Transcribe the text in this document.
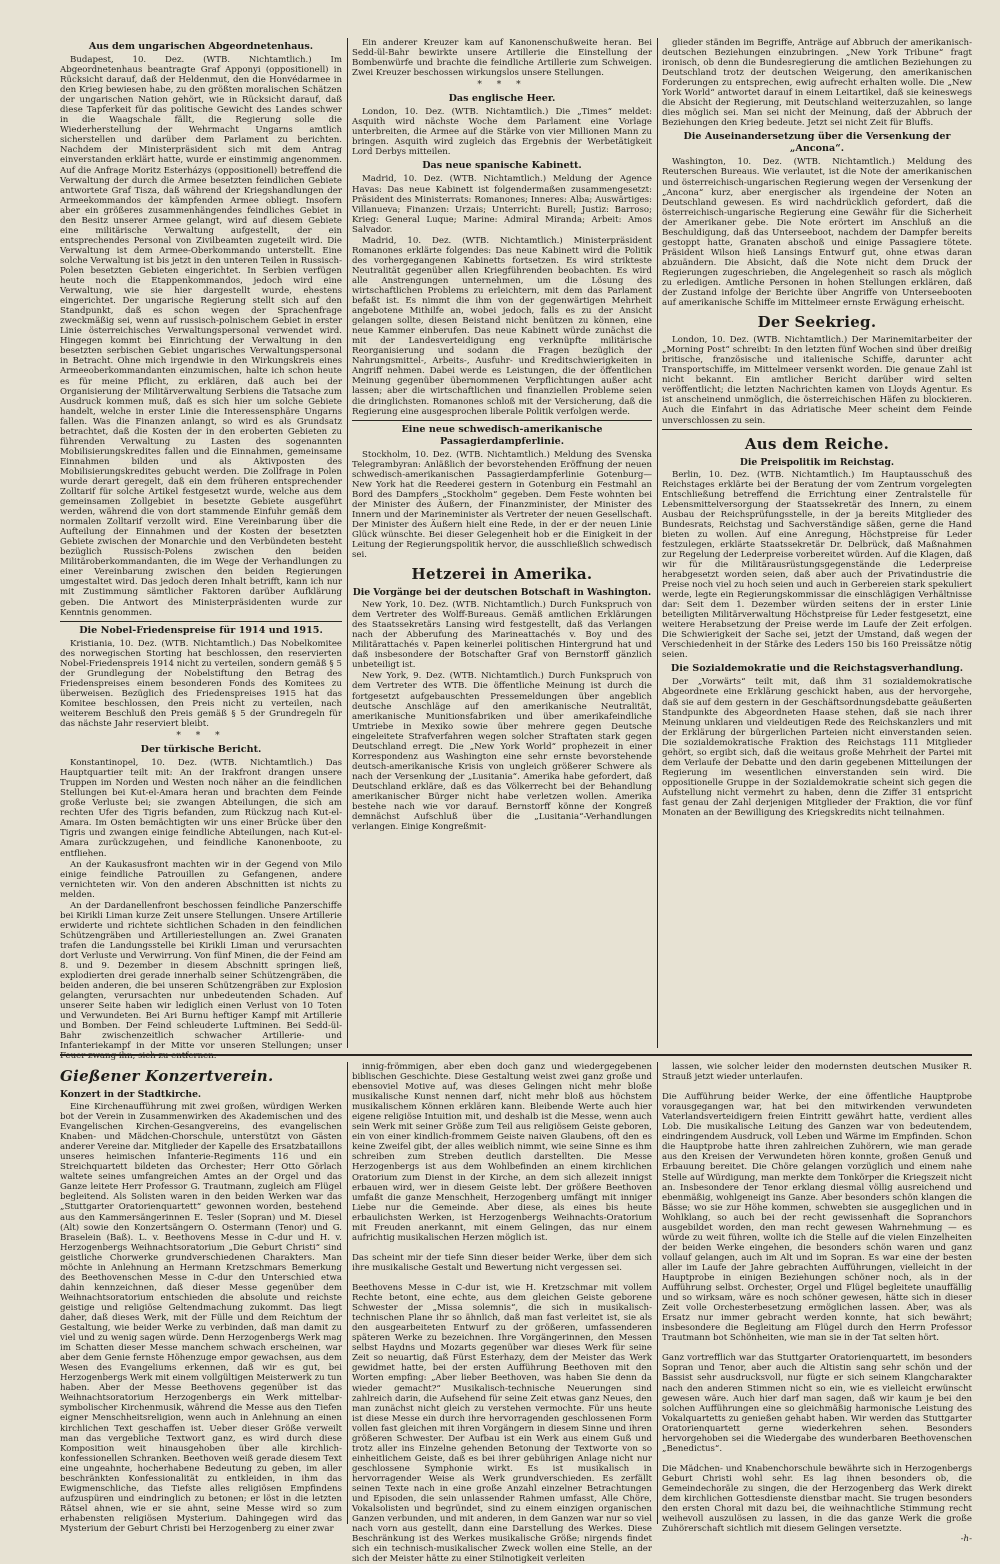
Aus dem ungarischen Abgeordnetenhaus.

Budapest, 10. Dez. (WTB. Nichtamtlich.) Im Abgeordnetenhaus beantragte Graf Apponyi (oppositionell) in Rücksicht darauf, daß der Heldenmut, den die Honvédarmee in den Krieg bewiesen habe, zu den größten moralischen Schätzen der ungarischen Nation gehört, wie in Rücksicht darauf, daß diese Tapferkeit für das politische Gewicht des Landes schwer in die Waagschale fällt, die Regierung solle die Wiederherstellung der Wehrmacht Ungarns amtlich sicherstellen und darüber dem Parlament zu berichten. Nachdem der Ministerpräsident sich mit dem Antrag einverstanden erklärt hatte, wurde er einstimmig angenommen. Auf die Anfrage Moritz Esterházys (oppositionell) betreffend die Verwaltung der durch die Armee besetzten feindlichen Gebiete antwortete Graf Tisza, daß während der Kriegshandlungen der Armeekommandos der kämpfenden Armee obliegt. Insofern aber ein größeres zusammenhängendes feindliches Gebiet in den Besitz unserer Armee gelangt, wird auf diesem Gebiete eine militärische Verwaltung aufgestellt, der ein entsprechendes Personal von Zivilbeamten zugeteilt wird. Die Verwaltung ist dem Armee-Oberkommando unterstellt. Eine solche Verwaltung ist bis jetzt in den unteren Teilen in Russisch-Polen besetzten Gebieten eingerichtet. In Serbien verfügen heute noch die Etappenkommandos, jedoch wird eine Verwaltung, wie sie hier dargestellt wurde, ehestens eingerichtet. Der ungarische Regierung stellt sich auf den Standpunkt, daß es schon wegen der Sprachenfrage zweckmäßig sei, wenn auf russisch-polnischem Gebiet in erster Linie österreichisches Verwaltungspersonal verwendet wird. Hingegen kommt bei Einrichtung der Verwaltung in den besetzten serbischen Gebiet ungarisches Verwaltungspersonal in Betracht. Ohne mich irgendwie in den Wirkungskreis eines Armeeoberkommandanten einzumischen, halte ich schon heute es für meine Pflicht, zu erklären, daß auch bei der Organisierung der Militärverwaltung Serbiens die Tatsache zum Ausdruck kommen muß, daß es sich hier um solche Gebiete handelt, welche in erster Linie die Interessensphäre Ungarns fallen. Was die Finanzen anlangt, so wird es als Grundsatz betrachtet, daß die Kosten der in den eroberten Gebieten zu führenden Verwaltung zu Lasten des sogenannten Mobilisierungskredites fallen und die Einnahmen, gemeinsame Einnahmen bilden und als Aktivposten des Mobilisierungskredites gebucht werden. Die Zollfrage in Polen wurde derart geregelt, daß ein dem früheren entsprechender Zolltarif für solche Artikel festgesetzt wurde, welche aus dem gemeinsamen Zollgebiet in besetzte Gebiete ausgeführt werden, während die von dort stammende Einfuhr gemäß dem normalen Zolltarif verzollt wird. Eine Vereinbarung über die Aufteilung der Einnahmen und der Kosten der besetzten Gebiete zwischen der Monarchie und den Verbündeten besteht bezüglich Russisch-Polens zwischen den beiden Militäroberkommandanten, die im Wege der Verhandlungen zu einer Vereinbarung zwischen den beiden Regierungen umgestaltet wird. Das jedoch deren Inhalt betrifft, kann ich nur mit Zustimmung sämtlicher Faktoren darüber Aufklärung geben. Die Antwort des Ministerpräsidenten wurde zur Kenntnis genommen.

Die Nobel-Friedenspreise für 1914 und 1915.

Kristiania, 10. Dez. (WTB. Nichtamtlich.) Das Nobelkomitee des norwegischen Storting hat beschlossen, den reservierten Nobel-Friedenspreis 1914 nicht zu verteilen, sondern gemäß § 5 der Grundlegung der Nobelstiftung den Betrag des Friedenspreises einem besonderen Fonds des Komitees zu überweisen. Bezüglich des Friedenspreises 1915 hat das Komitee beschlossen, den Preis nicht zu verteilen, nach weiterem Beschluß den Preis gemäß § 5 der Grundregeln für das nächste Jahr reserviert bleibt.

* * *
Der türkische Bericht.

Konstantinopel, 10. Dez. (WTB. Nichtamtlich.) Das Hauptquartier teilt mit: An der Irakfront drangen unsere Truppen im Norden und Westen noch näher an die feindlichen Stellungen bei Kut-el-Amara heran und brachten dem Feinde große Verluste bei; sie zwangen Abteilungen, die sich am rechten Ufer des Tigris befanden, zum Rückzug nach Kut-el-Amara. Im Osten bemächtigten wir uns einer Brücke über den Tigris und zwangen einige feindliche Abteilungen, nach Kut-el-Amara zurückzugehen, und feindliche Kanonenboote, zu entfliehen.

An der Kaukasusfront machten wir in der Gegend von Milo einige feindliche Patrouillen zu Gefangenen, andere vernichteten wir. Von den anderen Abschnitten ist nichts zu melden.

An der Dardanellenfront beschossen feindliche Panzerschiffe bei Kirikli Liman kurze Zeit unsere Stellungen. Unsere Artillerie erwiderte und richtete sichtlichen Schaden in den feindlichen Schützengräben und Artilleriestellungen an. Zwei Granaten trafen die Landungsstelle bei Kirikli Liman und verursachten dort Verluste und Verwirrung. Von fünf Minen, die der Feind am 8. und 9. Dezember in diesem Abschnitt springen ließ, explodierten drei gerade innerhalb seiner Schützengräben, die beiden anderen, die bei unseren Schützengräben zur Explosion gelangten, verursachten nur unbedeutenden Schaden. Auf unserer Seite haben wir lediglich einen Verlust von 10 Toten und Verwundeten. Bei Ari Burnu heftiger Kampf mit Artillerie und Bomben. Der Feind schleuderte Luftminen. Bei Sedd-ül-Bahr zwischenzeitlich schwacher Artillerie- und Infanteriekampf in der Mitte vor unseren Stellungen; unser Feuer zwang ihn, sich zu entfernen.

Ein anderer Kreuzer kam auf Kanonenschußweite heran. Bei Sedd-ül-Bahr bewirkte unsere Artillerie die Einstellung der Bombenwürfe und brachte die feindliche Artillerie zum Schweigen. Zwei Kreuzer beschossen wirkungslos unsere Stellungen.

* * *
Das englische Heer.

London, 10. Dez. (WTB. Nichtamtlich.) Die „Times“ meldet: Asquith wird nächste Woche dem Parlament eine Vorlage unterbreiten, die Armee auf die Stärke von vier Millionen Mann zu bringen. Asquith wird zugleich das Ergebnis der Werbetätigkeit Lord Derbys mitteilen.

Das neue spanische Kabinett.

Madrid, 10. Dez. (WTB. Nichtamtlich.) Meldung der Agence Havas: Das neue Kabinett ist folgendermaßen zusammengesetzt: Präsident des Ministerrats: Romanones; Inneres: Alba; Auswärtiges: Villanueva; Finanzen: Urzais; Unterricht: Burell; Justiz: Barroso; Krieg: General Luque; Marine: Admiral Miranda; Arbeit: Amos Salvador.

Madrid, 10. Dez. (WTB. Nichtamtlich.) Ministerpräsident Romanones erklärte folgendes: Das neue Kabinett wird die Politik des vorhergegangenen Kabinetts fortsetzen. Es wird strikteste Neutralität gegenüber allen Kriegführenden beobachten. Es wird alle Anstrengungen unternehmen, um die Lösung des wirtschaftlichen Problems zu erleichtern, mit dem das Parlament befaßt ist. Es nimmt die ihm von der gegenwärtigen Mehrheit angebotene Mithilfe an, wobei jedoch, falls es zu der Ansicht gelangen sollte, diesen Beistand nicht benützen zu können, eine neue Kammer einberufen. Das neue Kabinett würde zunächst die mit der Landesverteidigung eng verknüpfte militärische Reorganisierung und sodann die Fragen bezüglich der Nahrungsmittel-, Arbeits-, Ausfuhr- und Kreditschwierigkeiten in Angriff nehmen. Dabei werde es Leistungen, die der öffentlichen Meinung gegenüber übernommenen Verpflichtungen außer acht lassen; aber die wirtschaftlichen und finanziellen Probleme seien die dringlichsten. Romanones schloß mit der Versicherung, daß die Regierung eine ausgesprochen liberale Politik verfolgen werde.

Eine neue schwedisch-amerikanische Passagierdampferlinie.

Stockholm, 10. Dez. (WTB. Nichtamtlich.) Meldung des Svenska Telegrambyran: Anläßlich der bevorstehenden Eröffnung der neuen schwedisch-amerikanischen Passagierdampferlinie Gotenburg—New York hat die Reederei gestern in Gotenburg ein Festmahl an Bord des Dampfers „Stockholm“ gegeben. Dem Feste wohnten bei der Minister des Äußern, der Finanzminister, der Minister des Innern und der Marineminister als Vertreter der neuen Gesellschaft. Der Minister des Äußern hielt eine Rede, in der er der neuen Linie Glück wünschte. Bei dieser Gelegenheit hob er die Einigkeit in der Leitung der Regierungspolitik hervor, die ausschließlich schwedisch sei.

Hetzerei in Amerika.
Die Vorgänge bei der deutschen Botschaft in Washington.

New York, 10. Dez. (WTB. Nichtamtlich.) Durch Funkspruch von dem Vertreter des Wolff-Bureaus. Gemäß amtlichen Erklärungen des Staatssekretärs Lansing wird festgestellt, daß das Verlangen nach der Abberufung des Marineattachés v. Boy und des Militärattachés v. Papen keinerlei politischen Hintergrund hat und daß insbesondere der Botschafter Graf von Bernstorff gänzlich unbeteiligt ist.

New York, 9. Dez. (WTB. Nichtamtlich.) Durch Funkspruch von dem Vertreter des WTB. Die öffentliche Meinung ist durch die fortgesetzt aufgebauschten Pressemeldungen über angeblich deutsche Anschläge auf den amerikanische Neutralität, amerikanische Munitionsfabriken und über amerikafeindliche Umtriebe in Mexiko sowie über mehrere gegen Deutsche eingeleitete Strafverfahren wegen solcher Straftaten stark gegen Deutschland erregt. Die „New York World“ prophezeit in einer Korrespondenz aus Washington eine sehr ernste bevorstehende deutsch-amerikanische Krisis von ungleich größerer Schwere als nach der Versenkung der „Lusitania“. Amerika habe gefordert, daß Deutschland erkläre, daß es das Völkerrecht bei der Behandlung amerikanischer Bürger nicht habe verletzen wollen. Amerika bestehe nach wie vor darauf. Bernstorff könne der Kongreß demnächst Aufschluß über die „Lusitania“-Verhandlungen verlangen. Einige Kongreßmit-

glieder ständen im Begriffe, Anträge auf Abbruch der amerikanisch-deutschen Beziehungen einzubringen. „New York Tribune“ fragt ironisch, ob denn die Bundesregierung die amtlichen Beziehungen zu Deutschland trotz der deutschen Weigerung, den amerikanischen Forderungen zu entsprechen, ewig aufrecht erhalten wolle. Die „New York World“ antwortet darauf in einem Leitartikel, daß sie keineswegs die Absicht der Regierung, mit Deutschland weiterzuzahlen, so lange dies möglich sei. Man sei nicht der Meinung, daß der Abbruch der Beziehungen den Krieg bedeute. Jetzt sei nicht Zeit für Bluffs.

Die Auseinandersetzung über die Versenkung der „Ancona“.

Washington, 10. Dez. (WTB. Nichtamtlich.) Meldung des Reuterschen Bureaus. Wie verlautet, ist die Note der amerikanischen und österreichisch-ungarischen Regierung wegen der Versenkung der „Ancona“ kurz, aber energischer als irgendeine der Noten an Deutschland gewesen. Es wird nachdrücklich gefordert, daß die österreichisch-ungarische Regierung eine Gewähr für die Sicherheit der Amerikaner gebe. Die Note erörtert im Anschluß an die Beschuldigung, daß das Unterseeboot, nachdem der Dampfer bereits gestoppt hatte, Granaten abschoß und einige Passagiere tötete. Präsident Wilson hieß Lansings Entwurf gut, ohne etwas daran abzuändern. Die Absicht, daß die Note nicht dem Druck der Regierungen zugeschrieben, die Angelegenheit so rasch als möglich zu erledigen. Amtliche Personen in hohen Stellungen erklären, daß der Zustand infolge der Berichte über Angriffe von Unterseebooten auf amerikanische Schiffe im Mittelmeer ernste Erwägung erheischt.

Der Seekrieg.

London, 10. Dez. (WTB. Nichtamtlich.) Der Marinemitarbeiter der „Morning Post“ schreibt: In den letzten fünf Wochen sind über dreißig britische, französische und italienische Schiffe, darunter acht Transportschiffe, im Mittelmeer versenkt worden. Die genaue Zahl ist nicht bekannt. Ein amtlicher Bericht darüber wird selten veröffentlicht; die letzten Nachrichten kamen von Lloyds Agentur. Es ist anscheinend unmöglich, die österreichischen Häfen zu blockieren. Auch die Einfahrt in das Adriatische Meer scheint dem Feinde unverschlossen zu sein.

Aus dem Reiche.
Die Preispolitik im Reichstag.

Berlin, 10. Dez. (WTB. Nichtamtlich.) Im Hauptausschuß des Reichstages erklärte bei der Beratung der vom Zentrum vorgelegten Entschließung betreffend die Errichtung einer Zentralstelle für Lebensmittelversorgung der Staatssekretär des Innern, zu einem Ausbau der Reichsprüfungsstelle, in der ja bereits Mitglieder des Bundesrats, Reichstag und Sachverständige säßen, gerne die Hand bieten zu wollen. Auf eine Anregung, Höchstpreise für Leder festzulegen, erklärte Staatssekretär Dr. Delbrück, daß Maßnahmen zur Regelung der Lederpreise vorbereitet würden. Auf die Klagen, daß wir für die Militärausrüstungsgegenstände die Lederpreise herabgesetzt worden seien, daß aber auch der Privatindustrie die Preise noch viel zu hoch seien und auch in Gerbereien stark spekuliert werde, legte ein Regierungskommissar die einschlägigen Verhältnisse dar: Seit dem 1. Dezember würden seitens der in erster Linie beteiligten Militärverwaltung Höchstpreise für Leder festgesetzt, eine weitere Herabsetzung der Preise werde im Laufe der Zeit erfolgen. Die Schwierigkeit der Sache sei, jetzt der Umstand, daß wegen der Verschiedenheit in der Stärke des Leders 150 bis 160 Preissätze nötig seien.

Die Sozialdemokratie und die Reichstagsverhandlung.

Der „Vorwärts“ teilt mit, daß ihm 31 sozialdemokratische Abgeordnete eine Erklärung geschickt haben, aus der hervorgehe, daß sie auf dem gestern in der Geschäftsordnungsdebatte geäußerten Standpunkte des Abgeordneten Haase stehen, daß sie nach ihrer Meinung unklaren und vieldeutigen Rede des Reichskanzlers und mit der Erklärung der bürgerlichen Parteien nicht einverstanden seien. Die sozialdemokratische Fraktion des Reichstags 111 Mitglieder gehört, so ergibt sich, daß die weitaus große Mehrheit der Partei mit dem Verlaufe der Debatte und den darin gegebenen Mitteilungen der Regierung im wesentlichen einverstanden sein wird. Die oppositionelle Gruppe in der Sozialdemokratie scheint sich gegen die Aufstellung nicht vermehrt zu haben, denn die Ziffer 31 entspricht fast genau der Zahl derjenigen Mitglieder der Fraktion, die vor fünf Monaten an der Bewilligung des Kriegskredits nicht teilnahmen.

Gießener Konzertverein.
Konzert in der Stadtkirche.

Eine Kirchenaufführung mit zwei großen, würdigen Werken bot der Verein in Zusammenwirken des Akademischen und des Evangelischen Kirchen-Gesangvereins, des evangelischen Knaben- und Mädchen-Chorschule, unterstützt von Gästen anderer Vereine dar. Mitglieder der Kapelle des Ersatzbataillons unseres heimischen Infanterie-Regiments 116 und ein Streichquartett bildeten das Orchester; Herr Otto Görlach waltete seines umfangreichen Amtes an der Orgel und das Ganze leitete Herr Professor G. Trautmann, zugleich am Flügel begleitend. Als Solisten waren in den beiden Werken war das „Stuttgarter Oratorienquartett“ gewonnen worden, bestehend aus den Kammersängerinnen E. Tesler (Sopran) und M. Diesel (Alt) sowie den Konzertsängern O. Ostermann (Tenor) und G. Braselein (Baß). L. v. Beethovens Messe in C-dur und H. v. Herzogenbergs Weihnachtsoratorium „Die Geburt Christi“ sind geistliche Chorwerke grundverschiedenen Charakters. Man möchte in Anlehnung an Hermann Kretzschmars Bemerkung des Beethovenschen Messe in C-dur den Unterschied etwa dahin kennzeichnen, daß dieser Messe gegenüber dem Weihnachtsoratorium entschieden die absolute und reichste geistige und religiöse Geltendmachung zukommt. Das liegt daher, daß dieses Werk, mit der Fülle und dem Reichtum der Gestaltung, wie beider Werke zu verbinden, daß man damit zu viel und zu wenig sagen würde. Denn Herzogenbergs Werk mag im Schatten dieser Messe manchem schwach erscheinen, war aber dem Genie fernste Höhenzuge empor gewachsen, aus dem Wesen des Evangeliums erkennen, daß wir es gut, bei Herzogenbergs Werk mit einem vollgültigen Meisterwerk zu tun haben. Aber der Messe Beethovens gegenüber ist das Weihnachtsoratorium Herzogenbergs ein Werk mittelbar-symbolischer Kirchenmusik, während die Messe aus den Tiefen eigner Menschheitsreligion, wenn auch in Anlehnung an einen kirchlichen Text geschaffen ist. Ueber dieser Größe verweilt man das vergebliche Textwort ganz, es wird durch diese Komposition weit hinausgehoben über alle kirchlich-konfessionellen Schranken. Beethoven weiß gerade diesem Text eine ungeahnte, hocherhabene Bedeutung zu geben, im aller beschränkten Konfessionalität zu entkleiden, in ihm das Ewigmenschliche, das Tiefste alles religiösen Empfindens aufzuspüren und eindringlich zu betonen; er löst in die letzten Rätsel ahnen, wie er sie ahnt, seine Messe wird so zum erhabensten religiösen Mysterium. Dahingegen wird das Mysterium der Geburt Christi bei Herzogenberg zu einer zwar

innig-frömmigen, aber eben doch ganz und wiedergegebenen biblischen Geschichte. Diese Gestaltung weist zwei ganz große und ebensoviel Motive auf, was dieses Gelingen nicht mehr bloße musikalische Kunst nennen darf, nicht mehr bloß aus höchstem musikalischem Können erklären kann. Bleibende Werte auch hier eigene religiöse Intuition mit, und deshalb ist die Messe, wenn auch sein Werk mit seiner Größe zum Teil aus religiösem Geiste geboren, ein von einer kindlich-frommem Geiste naiven Glaubens, oft den es keine Zweifel gibt, der alles weiblich nimmt, wie seine Sinne es ihm schreiben zum Streben deutlich darstellten. Die Messe Herzogenbergs ist aus dem Wohlbefinden an einem kirchlichen Oratorium zum Dienst in der Kirche, an dem sich allezeit innigst erbauen wird, wer in diesem Geiste lebt. Der größere Beethoven umfaßt die ganze Menschheit, Herzogenberg umfängt mit inniger Liebe nur die Gemeinde. Aber diese, als eines bis heute erbaulichsten Werken, ist Herzogenbergs Weihnachts-Oratorium mit Freuden anerkannt, mit einem Gelingen, das nur einem aufrichtig musikalischen Herzen möglich ist.

Das scheint mir der tiefe Sinn dieser beider Werke, über dem sich ihre musikalische Gestalt und Bewertung nicht vergessen sei.

Beethovens Messe in C-dur ist, wie H. Kretzschmar mit vollem Rechte betont, eine echte, aus dem gleichen Geiste geborene Schwester der „Missa solemnis“, die sich in musikalisch-technischen Plane ihr so ähnlich, daß man fast verleitet ist, sie als den ausgearbeiteten Entwurf zu der größeren, umfassenderen späteren Werke zu bezeichnen. Ihre Vorgängerinnen, den Messen selbst Haydns und Mozarts gegenüber war dieses Werk für seine Zeit so neuartig, daß Fürst Esterhazy, dem der Meister das Werk gewidmet hatte, bei der ersten Aufführung Beethoven mit den Worten empfing: „Aber lieber Beethoven, was haben Sie denn da wieder gemacht?“ Musikalisch-technische Neuerungen sind zahlreich darin, die Aufsehend für seine Zeit etwas ganz Neues, den man zunächst nicht gleich zu verstehen vermochte. Für uns heute ist diese Messe ein durch ihre hervorragenden geschlossenen Form vollen fast gleichen mit ihren Vorgängern in diesem Sinne und ihren größeren Schwester. Der Aufbau ist ein Werk aus einem Guß und trotz aller ins Einzelne gehenden Betonung der Textworte von so einheitlichem Geiste, daß es bei ihrer gebührigen Anlage nicht nur geschlossene Symphonie wirkt. Es ist musikalisch in hervorragender Weise als Werk grundverschieden. Es zerfällt seinen Texte nach in eine große Anzahl einzelner Betrachtungen und Episoden, die sein unlassender Rahmen umfasst, Alle Chöre, Vokalsolisten und begründet, sind zu einem einzigen organischen Ganzen verbunden, und mit anderen, in dem Ganzen war nur so viel nach vorn aus gestellt, dann eine Darstellung des Werkes. Diese Beschränkung ist des Werkes musikalische Größe; nirgends findet sich ein technisch-musikalischer Zweck wollen eine Stelle, an der sich der Meister hätte zu einer Stilnotigkeit verleiten

lassen, wie solcher leider den modernsten deutschen Musiker R. Strauß jetzt wieder unterlaufen.

Die Aufführung beider Werke, der eine öffentliche Hauptprobe vorausgegangen war, hat bei den mitwirkenden verwundeten Vaterlandsverteidigern freien Eintritt gewährt hatte, verdient alles Lob. Die musikalische Leitung des Ganzen war von bedeutendem, eindringendem Ausdruck, voll Leben und Wärme im Empfinden. Schon die Hauptprobe hatte ihren zahlreichen Zuhörern, wie man gerade aus den Kreisen der Verwundeten hören konnte, großen Genuß und Erbauung bereitet. Die Chöre gelangen vorzüglich und einem nahe Stelle auf Würdigung, man merkte dem Tonkörper die Kriegszeit nicht an. Insbesondere der Tenor erklang diesmal völlig ausreichend und ebenmäßig, wohlgeneigt ins Ganze. Aber besonders schön klangen die Bässe; wo sie zur Höhe kommen, schwebten sie ausgeglichen und in Wohlklang, so auch bei der recht gewissenhaft die Sopranchors ausgebildet worden, den man recht gewesen Wahrnehmung — es würde zu weit führen, wollte ich die Stelle auf die vielen Einzelheiten der beiden Werke eingehen, die besonders schön waren und ganz vollauf gelangen, auch im Alt und im Sopran. Es war eine der besten aller im Laufe der Jahre gebrachten Aufführungen, vielleicht in der Hauptprobe in einigen Beziehungen schöner noch, als in der Aufführung selbst. Orchester, Orgel und Flügel begleitete unauffällig und so wirksam, wäre es noch schöner gewesen, hätte sich in dieser Zeit volle Orchesterbesetzung ermöglichen lassen. Aber, was als Ersatz nur immer gebracht werden konnte, hat sich bewährt; insbesondere die Begleitung am Flügel durch den Herrn Professor Trautmann bot Schönheiten, wie man sie in der Tat selten hört.

Ganz vortrefflich war das Stuttgarter Oratorienquartett, im besonders Sopran und Tenor, aber auch die Altistin sang sehr schön und der Bassist sehr ausdrucksvoll, nur fügte er sich seinem Klangcharakter nach den anderen Stimmen nicht so ein, wie es vielleicht erwünscht gewesen wäre. Auch hier darf man sagen, daß wir kaum je bei den solchen Aufführungen eine so gleichmäßig harmonische Leistung des Vokalquartetts zu genießen gehabt haben. Wir werden das Stuttgarter Oratorienquartett gerne wiederkehren sehen. Besonders hervorgehoben sei die Wiedergabe des wunderbaren Beethovenschen „Benedictus“.

Die Mädchen- und Knabenchorschule bewährte sich in Herzogenbergs Geburt Christi wohl sehr. Es lag ihnen besonders ob, die Gemeindechoräle zu singen, die der Herzogenberg das Werk direkt dem kirchlichen Gottesdienste dienstbar macht. Sie trugen besonders den ersten Choral mit dazu bei, die weihnachtliche Stimmung recht weihevoll auszulösen zu lassen, in die das ganze Werk die große Zuhörerschaft sichtlich mit diesem Gelingen versetzte.

-h-
